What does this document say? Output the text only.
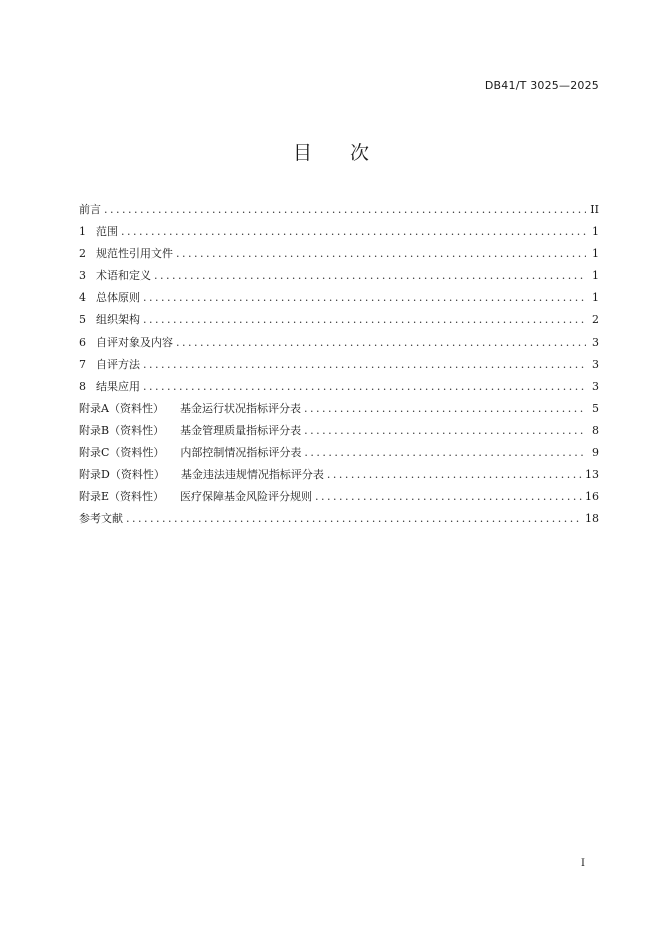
DB41/T 3025—2025
目　　次
前言 .....	II
1 范围 .....	1
2 规范性引用文件 .....	1
3 术语和定义 .....	1
4 总体原则 .....	1
5 组织架构 .....	2
6 自评对象及内容 .....	3
7 自评方法 .....	3
8 结果应用 .....	3
附录A（资料性） 基金运行状况指标评分表 .....	5
附录B（资料性） 基金管理质量指标评分表 .....	8
附录C（资料性） 内部控制情况指标评分表 .....	9
附录D（资料性） 基金违法违规情况指标评分表 .....	13
附录E（资料性） 医疗保障基金风险评分规则 .....	16
参考文献 .....	18
I
